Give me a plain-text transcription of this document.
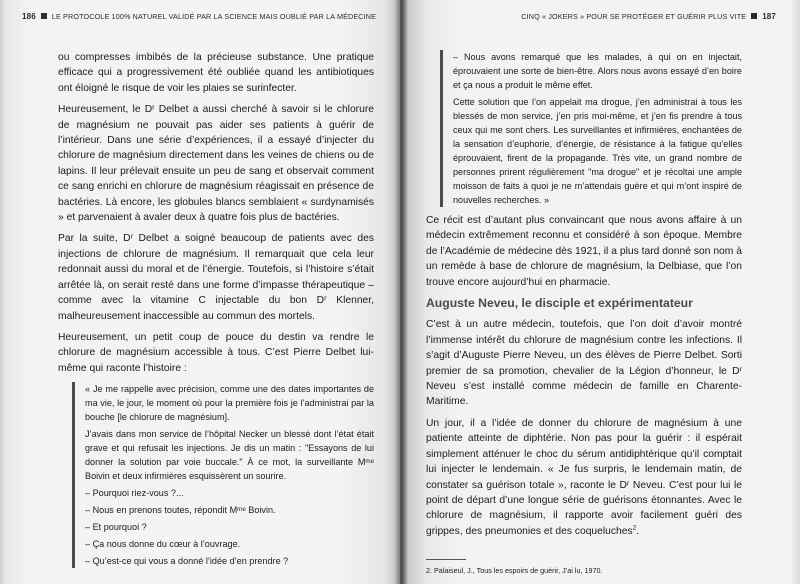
186 LE PROTOCOLE 100% NATUREL VALIDÉ PAR LA SCIENCE MAIS OUBLIÉ PAR LA MÉDECINE

ou compresses imbibés de la précieuse substance. Une pratique efficace qui a progressivement été oubliée quand les antibiotiques ont éloigné le risque de voir les plaies se surinfecter.

Heureusement, le Dʳ Delbet a aussi cherché à savoir si le chlorure de magnésium ne pouvait pas aider ses patients à guérir de l’intérieur. Dans une série d’expériences, il a essayé d’injecter du chlorure de magnésium directement dans les veines de chiens ou de lapins. Il leur prélevait ensuite un peu de sang et observait comment ce sang enrichi en chlorure de magnésium réagissait en présence de bactéries. Là encore, les globules blancs semblaient « surdynamisés » et parvenaient à avaler deux à quatre fois plus de bactéries.

Par la suite, Dʳ Delbet a soigné beaucoup de patients avec des injections de chlorure de magnésium. Il remarquait que cela leur redonnait aussi du moral et de l’énergie. Toutefois, si l’histoire s’était arrêtée là, on serait resté dans une forme d’impasse thérapeutique – comme avec la vitamine C injectable du bon Dʳ Klenner, malheureusement inaccessible au commun des mortels.

Heureusement, un petit coup de pouce du destin va rendre le chlorure de magnésium accessible à tous. C’est Pierre Delbet lui-même qui raconte l’histoire :

« Je me rappelle avec précision, comme une des dates importantes de ma vie, le jour, le moment où pour la première fois je l’administrai par la bouche [le chlorure de magnésium].

J’avais dans mon service de l’hôpital Necker un blessé dont l’état était grave et qui refusait les injections. Je dis un matin : "Essayons de lui donner la solution par voie buccale." À ce mot, la surveillante Mᵐᵉ Boivin et deux infirmières esquissèrent un sourire.

– Pourquoi riez-vous ?...

– Nous en prenons toutes, répondit Mᵐᵉ Boivin.

– Et pourquoi ?

– Ça nous donne du cœur à l’ouvrage.

– Qu’est-ce qui vous a donné l’idée d’en prendre ?

CINQ « JOKERS » POUR SE PROTÉGER ET GUÉRIR PLUS VITE 187

– Nous avons remarqué que les malades, à qui on en injectait, éprouvaient une sorte de bien-être. Alors nous avons essayé d’en boire et ça nous a produit le même effet.

Cette solution que l’on appelait ma drogue, j’en administrai à tous les blessés de mon service, j’en pris moi-même, et j’en fis prendre à tous ceux qui me sont chers. Les surveillantes et infirmières, enchantées de la sensation d’euphorie, d’énergie, de résistance à la fatigue qu’elles éprouvaient, firent de la propagande. Très vite, un grand nombre de personnes prirent régulièrement "ma drogue" et je récoltai une ample moisson de faits à quoi je ne m’attendais guère et qui m’ont inspiré de nouvelles recherches. »

Ce récit est d’autant plus convaincant que nous avons affaire à un médecin extrêmement reconnu et considéré à son époque. Membre de l’Académie de médecine dès 1921, il a plus tard donné son nom à un remède à base de chlorure de magnésium, la Delbiase, que l’on trouve encore aujourd’hui en pharmacie.

Auguste Neveu, le disciple et expérimentateur

C’est à un autre médecin, toutefois, que l’on doit d’avoir montré l’immense intérêt du chlorure de magnésium contre les infections. Il s’agit d’Auguste Pierre Neveu, un des élèves de Pierre Delbet. Sorti premier de sa promotion, chevalier de la Légion d’honneur, le Dʳ Neveu s’est installé comme médecin de famille en Charente-Maritime.

Un jour, il a l’idée de donner du chlorure de magnésium à une patiente atteinte de diphtérie. Non pas pour la guérir : il espérait simplement atténuer le choc du sérum antidiphtérique qu’il comptait lui injecter le lendemain. « Je fus surpris, le lendemain matin, de constater sa guérison totale », raconte le Dʳ Neveu. C’est pour lui le point de départ d’une longue série de guérisons étonnantes. Avec le chlorure de magnésium, il rapporte avoir facilement guéri des grippes, des pneumonies et des coqueluches$^2$.

2. Palaiseul, J., Tous les espoirs de guérir, J’ai lu, 1970.
